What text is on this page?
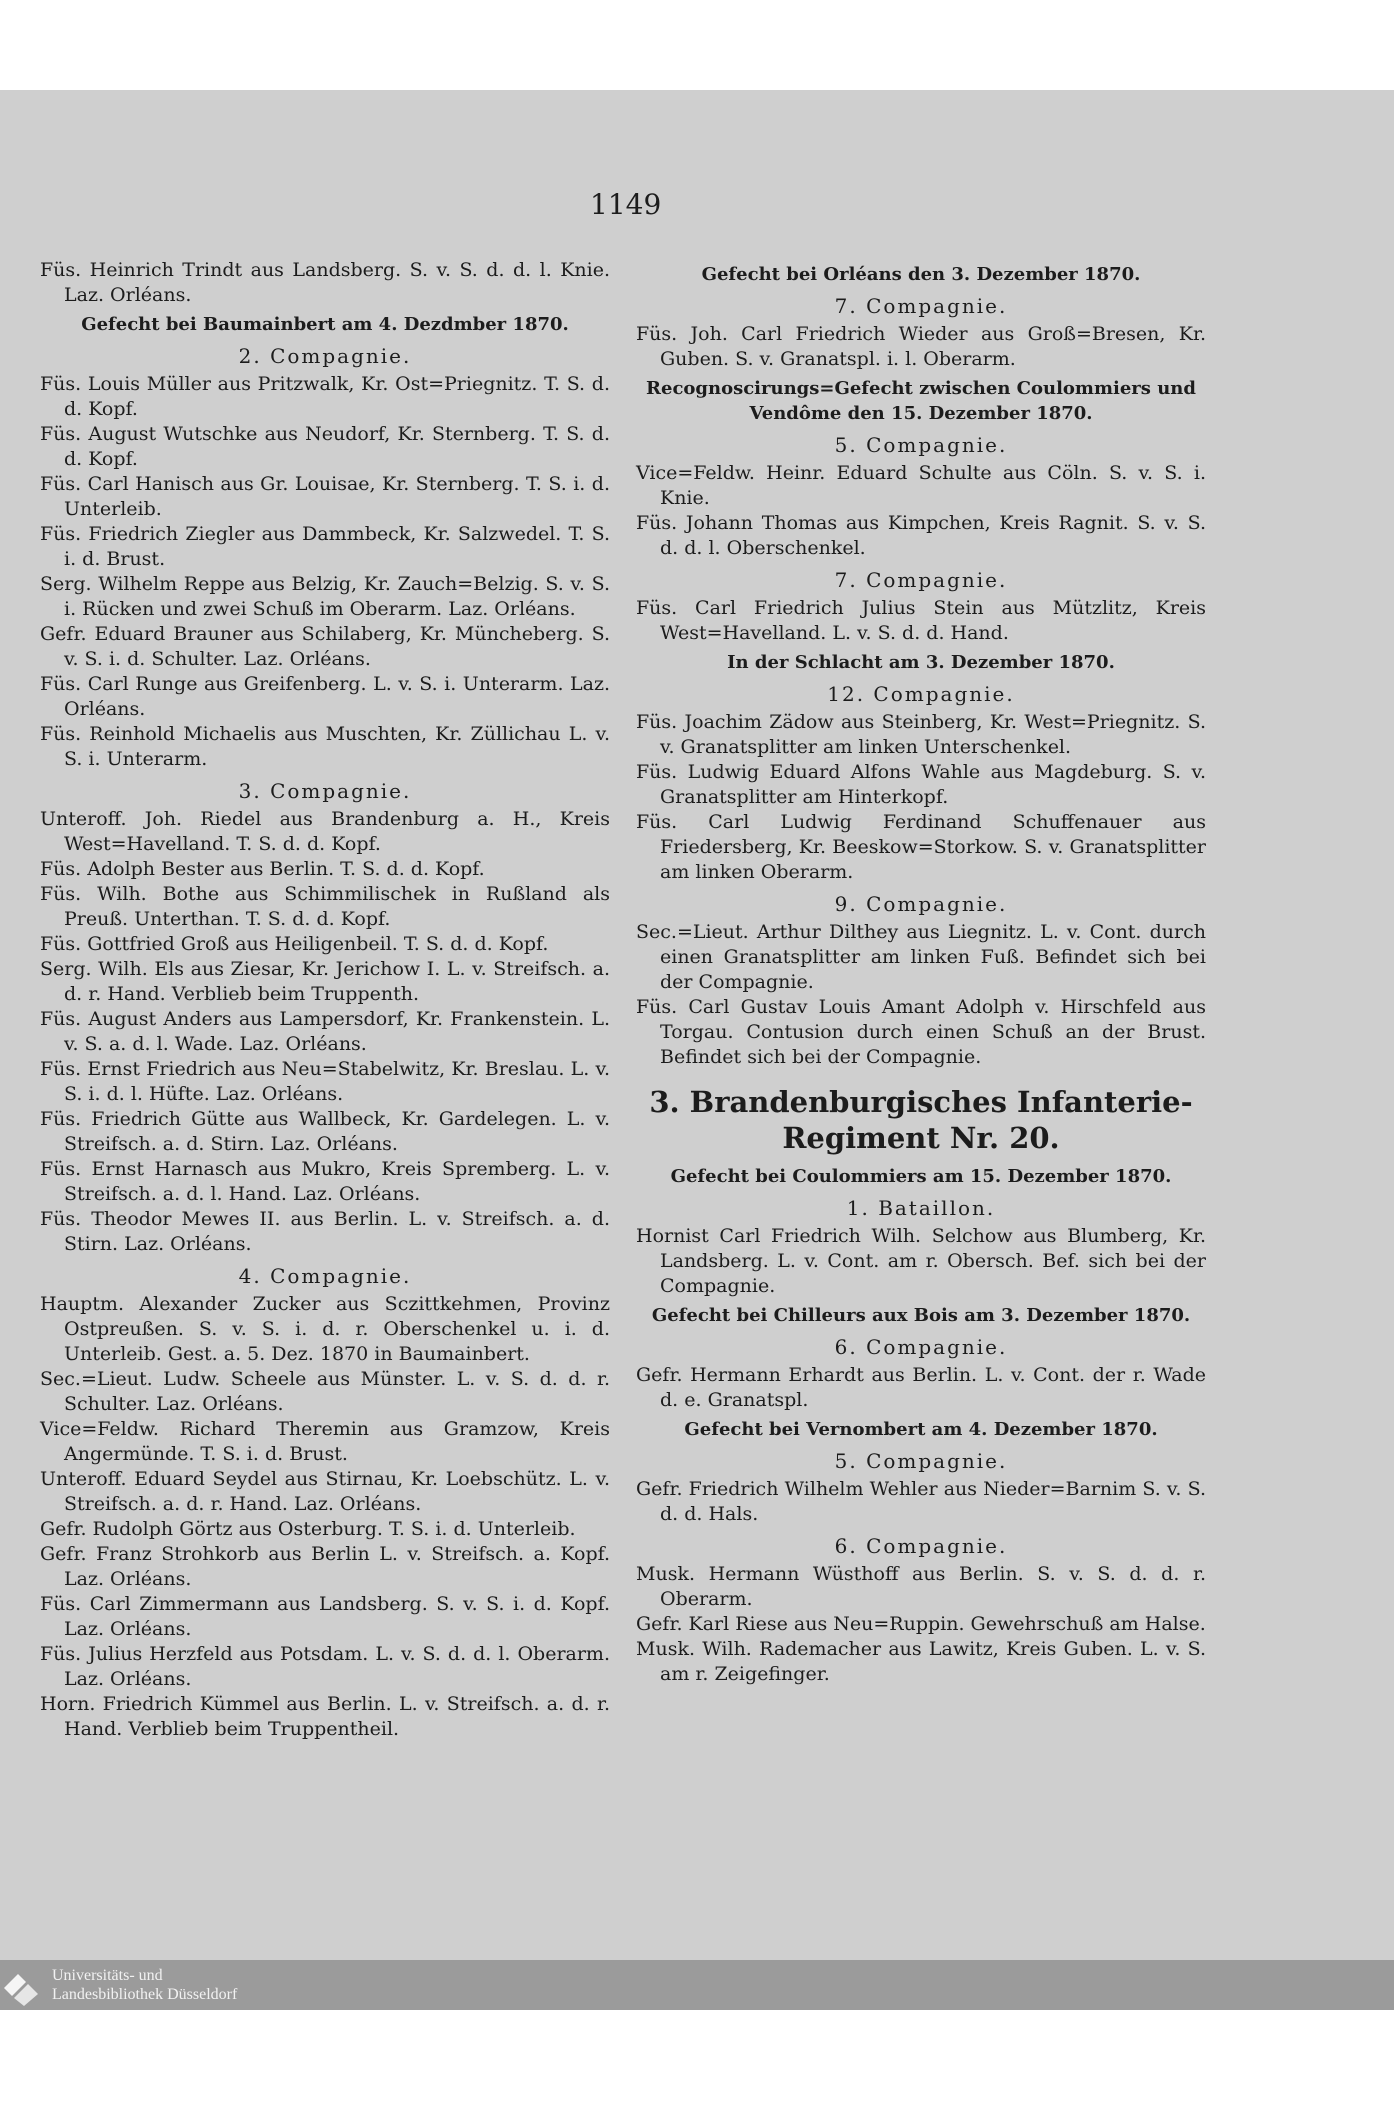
1149

Füs. Heinrich Trindt aus Landsberg. S. v. S. d. d. l. Knie. Laz. Orléans.

Gefecht bei Baumainbert am 4. Dezdmber 1870.

2. Compagnie.

Füs. Louis Müller aus Pritzwalk, Kr. Ost=Priegnitz. T. S. d. d. Kopf.

Füs. August Wutschke aus Neudorf, Kr. Sternberg. T. S. d. d. Kopf.

Füs. Carl Hanisch aus Gr. Louisae, Kr. Sternberg. T. S. i. d. Unterleib.

Füs. Friedrich Ziegler aus Dammbeck, Kr. Salzwedel. T. S. i. d. Brust.

Serg. Wilhelm Reppe aus Belzig, Kr. Zauch=Belzig. S. v. S. i. Rücken und zwei Schuß im Oberarm. Laz. Orléans.

Gefr. Eduard Brauner aus Schilaberg, Kr. Müncheberg. S. v. S. i. d. Schulter. Laz. Orléans.

Füs. Carl Runge aus Greifenberg. L. v. S. i. Unterarm. Laz. Orléans.

Füs. Reinhold Michaelis aus Muschten, Kr. Züllichau L. v. S. i. Unterarm.

3. Compagnie.

Unteroff. Joh. Riedel aus Brandenburg a. H., Kreis West=Havelland. T. S. d. d. Kopf.

Füs. Adolph Bester aus Berlin. T. S. d. d. Kopf.

Füs. Wilh. Bothe aus Schimmilischek in Rußland als Preuß. Unterthan. T. S. d. d. Kopf.

Füs. Gottfried Groß aus Heiligenbeil. T. S. d. d. Kopf.

Serg. Wilh. Els aus Ziesar, Kr. Jerichow I. L. v. Streifsch. a. d. r. Hand. Verblieb beim Truppenth.

Füs. August Anders aus Lampersdorf, Kr. Frankenstein. L. v. S. a. d. l. Wade. Laz. Orléans.

Füs. Ernst Friedrich aus Neu=Stabelwitz, Kr. Breslau. L. v. S. i. d. l. Hüfte. Laz. Orléans.

Füs. Friedrich Gütte aus Wallbeck, Kr. Gardelegen. L. v. Streifsch. a. d. Stirn. Laz. Orléans.

Füs. Ernst Harnasch aus Mukro, Kreis Spremberg. L. v. Streifsch. a. d. l. Hand. Laz. Orléans.

Füs. Theodor Mewes II. aus Berlin. L. v. Streifsch. a. d. Stirn. Laz. Orléans.

4. Compagnie.

Hauptm. Alexander Zucker aus Sczittkehmen, Provinz Ostpreußen. S. v. S. i. d. r. Oberschenkel u. i. d. Unterleib. Gest. a. 5. Dez. 1870 in Baumainbert.

Sec.=Lieut. Ludw. Scheele aus Münster. L. v. S. d. d. r. Schulter. Laz. Orléans.

Vice=Feldw. Richard Theremin aus Gramzow, Kreis Angermünde. T. S. i. d. Brust.

Unteroff. Eduard Seydel aus Stirnau, Kr. Loebschütz. L. v. Streifsch. a. d. r. Hand. Laz. Orléans.

Gefr. Rudolph Görtz aus Osterburg. T. S. i. d. Unterleib.

Gefr. Franz Strohkorb aus Berlin L. v. Streifsch. a. Kopf. Laz. Orléans.

Füs. Carl Zimmermann aus Landsberg. S. v. S. i. d. Kopf. Laz. Orléans.

Füs. Julius Herzfeld aus Potsdam. L. v. S. d. d. l. Oberarm. Laz. Orléans.

Horn. Friedrich Kümmel aus Berlin. L. v. Streifsch. a. d. r. Hand. Verblieb beim Truppentheil.

Gefecht bei Orléans den 3. Dezember 1870.

7. Compagnie.

Füs. Joh. Carl Friedrich Wieder aus Groß=Bresen, Kr. Guben. S. v. Granatspl. i. l. Oberarm.

Recognoscirungs=Gefecht zwischen Coulommiers und Vendôme den 15. Dezember 1870.

5. Compagnie.

Vice=Feldw. Heinr. Eduard Schulte aus Cöln. S. v. S. i. Knie.

Füs. Johann Thomas aus Kimpchen, Kreis Ragnit. S. v. S. d. d. l. Oberschenkel.

7. Compagnie.

Füs. Carl Friedrich Julius Stein aus Mützlitz, Kreis West=Havelland. L. v. S. d. d. Hand.

In der Schlacht am 3. Dezember 1870.

12. Compagnie.

Füs. Joachim Zädow aus Steinberg, Kr. West=Priegnitz. S. v. Granatsplitter am linken Unterschenkel.

Füs. Ludwig Eduard Alfons Wahle aus Magdeburg. S. v. Granatsplitter am Hinterkopf.

Füs. Carl Ludwig Ferdinand Schuffenauer aus Friedersberg, Kr. Beeskow=Storkow. S. v. Granatsplitter am linken Oberarm.

9. Compagnie.

Sec.=Lieut. Arthur Dilthey aus Liegnitz. L. v. Cont. durch einen Granatsplitter am linken Fuß. Befindet sich bei der Compagnie.

Füs. Carl Gustav Louis Amant Adolph v. Hirschfeld aus Torgau. Contusion durch einen Schuß an der Brust. Befindet sich bei der Compagnie.

3. Brandenburgisches Infanterie-Regiment Nr. 20.

Gefecht bei Coulommiers am 15. Dezember 1870.

1. Bataillon.

Hornist Carl Friedrich Wilh. Selchow aus Blumberg, Kr. Landsberg. L. v. Cont. am r. Obersch. Bef. sich bei der Compagnie.

Gefecht bei Chilleurs aux Bois am 3. Dezember 1870.

6. Compagnie.

Gefr. Hermann Erhardt aus Berlin. L. v. Cont. der r. Wade d. e. Granatspl.

Gefecht bei Vernombert am 4. Dezember 1870.

5. Compagnie.

Gefr. Friedrich Wilhelm Wehler aus Nieder=Barnim S. v. S. d. d. Hals.

6. Compagnie.

Musk. Hermann Wüsthoff aus Berlin. S. v. S. d. d. r. Oberarm.

Gefr. Karl Riese aus Neu=Ruppin. Gewehrschuß am Halse.

Musk. Wilh. Rademacher aus Lawitz, Kreis Guben. L. v. S. am r. Zeigefinger.

Universitäts- und
Landesbibliothek Düsseldorf
